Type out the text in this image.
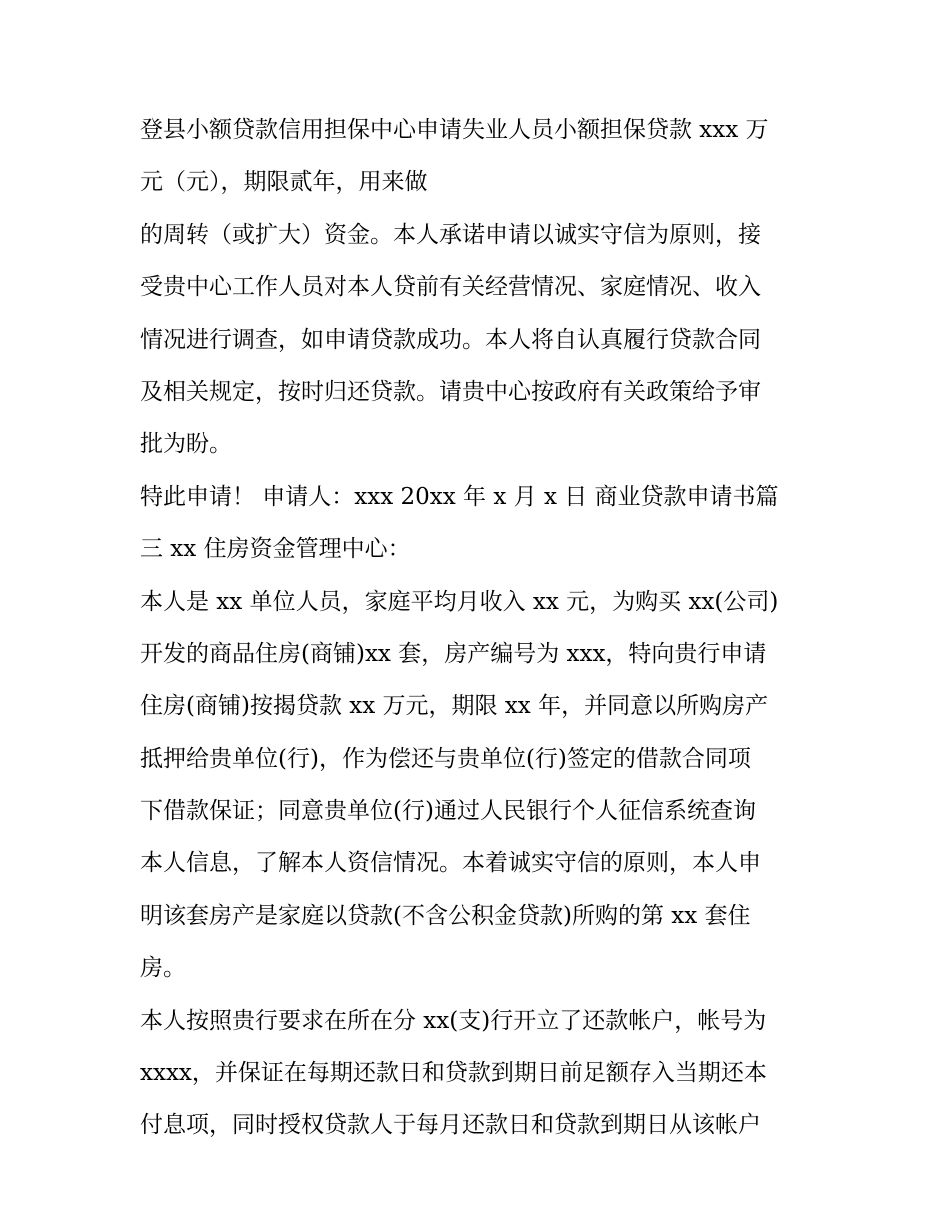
登县小额贷款信用担保中心申请失业人员小额担保贷款 xxx 万
元（元），期限贰年，用来做
的周转（或扩大）资金。本人承诺申请以诚实守信为原则，接
受贵中心工作人员对本人贷前有关经营情况、家庭情况、收入
情况进行调查，如申请贷款成功。本人将自认真履行贷款合同
及相关规定，按时归还贷款。请贵中心按政府有关政策给予审
批为盼。
特此申请！ 申请人：xxx 20xx 年 x 月 x 日 商业贷款申请书篇
三 xx 住房资金管理中心：
本人是 xx 单位人员，家庭平均月收入 xx 元，为购买 xx(公司)
开发的商品住房(商铺)xx 套，房产编号为 xxx，特向贵行申请
住房(商铺)按揭贷款 xx 万元，期限 xx 年，并同意以所购房产
抵押给贵单位(行)，作为偿还与贵单位(行)签定的借款合同项
下借款保证；同意贵单位(行)通过人民银行个人征信系统查询
本人信息，了解本人资信情况。本着诚实守信的原则，本人申
明该套房产是家庭以贷款(不含公积金贷款)所购的第 xx 套住
房。
本人按照贵行要求在所在分 xx(支)行开立了还款帐户，帐号为
xxxx，并保证在每期还款日和贷款到期日前足额存入当期还本
付息项，同时授权贷款人于每月还款日和贷款到期日从该帐户
